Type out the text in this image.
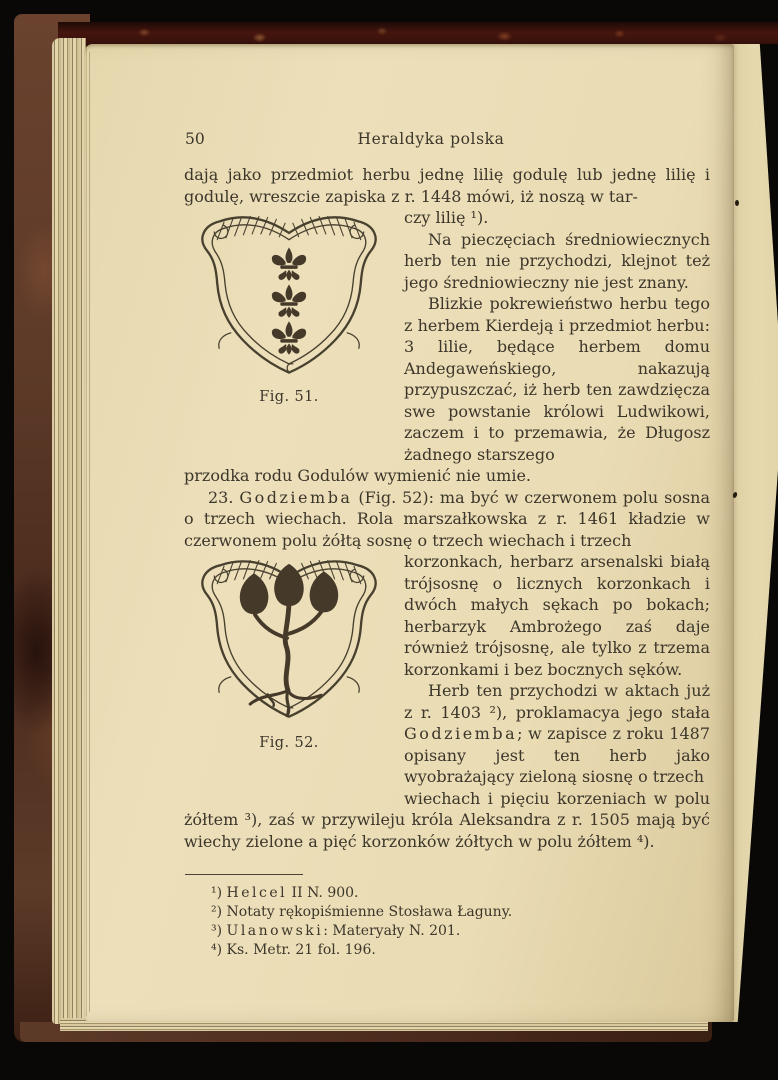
50	Heraldyka polska

dają jako przedmiot herbu jednę lilię godulę lub jednę lilię i godulę, wreszcie zapiska z r. 1448 mówi, iż noszą w tar-

Fig. 51.

czy lilię ¹).

Na pieczęciach średniowiecznych herb ten nie przychodzi, klejnot też jego średniowieczny nie jest znany.

Blizkie pokrewieństwo herbu tego z herbem Kierdeją i przedmiot herbu: 3 lilie, będące herbem domu Andegaweńskiego, nakazują przypuszczać, iż herb ten zawdzięcza swe powstanie królowi Ludwikowi, zaczem i to przemawia, że Długosz żadnego starszego

przodka rodu Godulów wymienić nie umie.

23. Godziemba (Fig. 52): ma być w czerwonem polu sosna o trzech wiechach. Rola marszałkowska z r. 1461 kładzie w czerwonem polu żółtą sosnę o trzech wiechach i trzech

Fig. 52.

korzonkach, herbarz arsenalski białą trójsosnę o licznych korzonkach i dwóch małych sękach po bokach; herbarzyk Ambrożego zaś daje również trójsosnę, ale tylko z trzema korzonkami i bez bocznych sęków.

Herb ten przychodzi w aktach już z r. 1403 ²), proklamacya jego stała Godziemba; w zapisce z roku 1487 opisany jest ten herb jako wyobrażający zieloną siosnę o trzech

wiechach i pięciu korzeniach w polu żółtem ³), zaś w przywileju króla Aleksandra z r. 1505 mają być wiechy zielone a pięć korzonków żółtych w polu żółtem ⁴).

¹) Helcel II N. 900.

²) Notaty rękopiśmienne Stosława Łaguny.

³) Ulanowski: Materyały N. 201.

⁴) Ks. Metr. 21 fol. 196.
